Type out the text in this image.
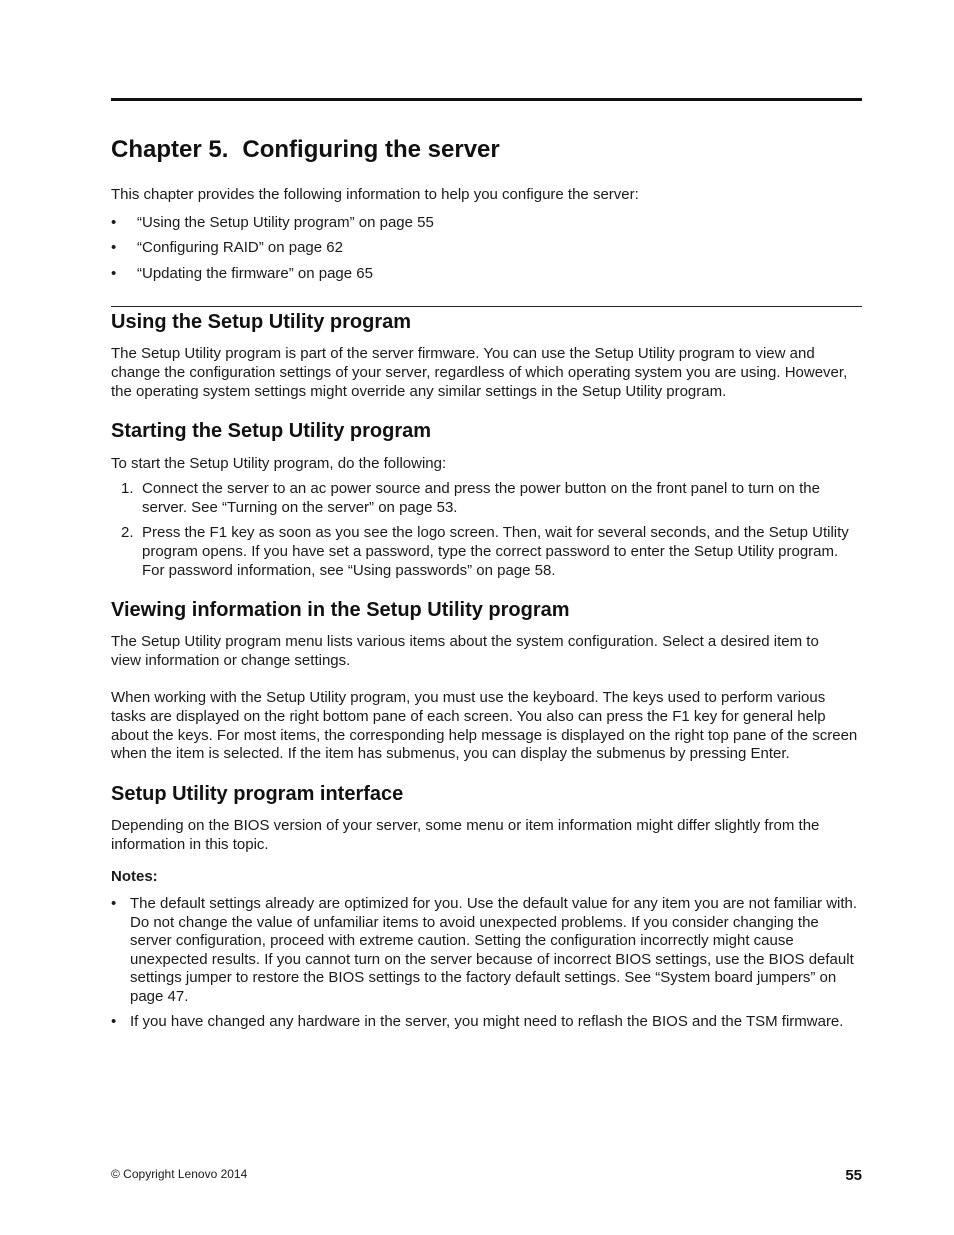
Chapter 5. Configuring the server

This chapter provides the following information to help you configure the server:

• “Using the Setup Utility program” on page 55
• “Configuring RAID” on page 62
• “Updating the firmware” on page 65
Using the Setup Utility program

The Setup Utility program is part of the server firmware. You can use the Setup Utility program to view and change the configuration settings of your server, regardless of which operating system you are using. However, the operating system settings might override any similar settings in the Setup Utility program.

Starting the Setup Utility program

To start the Setup Utility program, do the following:

1. Connect the server to an ac power source and press the power button on the front panel to turn on the server. See “Turning on the server” on page 53.
2. Press the F1 key as soon as you see the logo screen. Then, wait for several seconds, and the Setup Utility program opens. If you have set a password, type the correct password to enter the Setup Utility program. For password information, see “Using passwords” on page 58.
Viewing information in the Setup Utility program

The Setup Utility program menu lists various items about the system configuration. Select a desired item to view information or change settings.

When working with the Setup Utility program, you must use the keyboard. The keys used to perform various tasks are displayed on the right bottom pane of each screen. You also can press the F1 key for general help about the keys. For most items, the corresponding help message is displayed on the right top pane of the screen when the item is selected. If the item has submenus, you can display the submenus by pressing Enter.

Setup Utility program interface

Depending on the BIOS version of your server, some menu or item information might differ slightly from the information in this topic.

Notes:

• The default settings already are optimized for you. Use the default value for any item you are not familiar with. Do not change the value of unfamiliar items to avoid unexpected problems. If you consider changing the server configuration, proceed with extreme caution. Setting the configuration incorrectly might cause unexpected results. If you cannot turn on the server because of incorrect BIOS settings, use the BIOS default settings jumper to restore the BIOS settings to the factory default settings. See “System board jumpers” on page 47.
• If you have changed any hardware in the server, you might need to reflash the BIOS and the TSM firmware.
© Copyright Lenovo 2014	55
